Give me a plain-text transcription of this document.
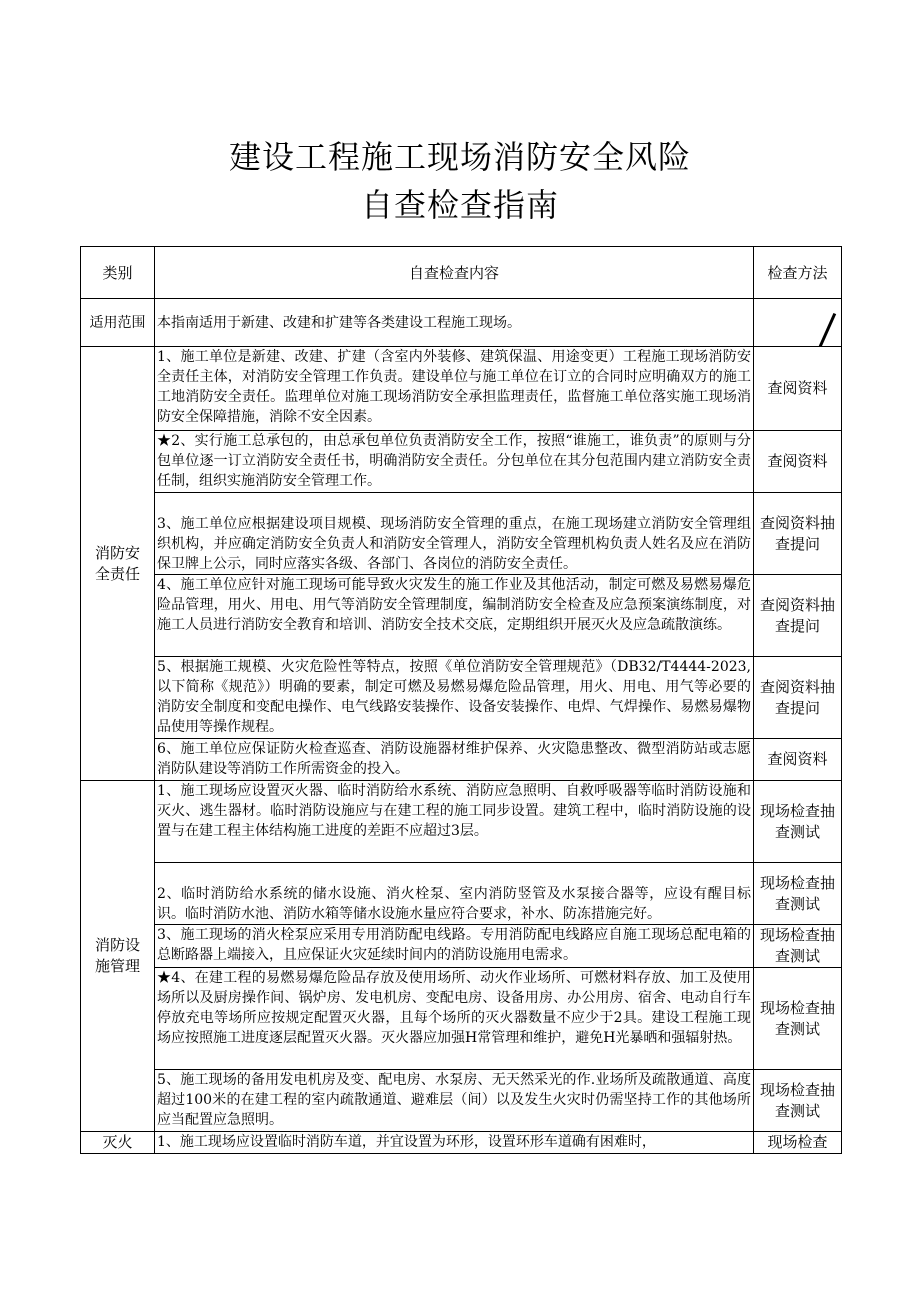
建设工程施工现场消防安全风险
自查检查指南
类别	自查检查内容	检查方法
适用范围	本指南适用于新建、改建和扩建等各类建设工程施工现场。	
消防安全责任	1、施工单位是新建、改建、扩建（含室内外装修、建筑保温、用途变更）工程施工现场消防安全责任主体，对消防安全管理工作负责。建设单位与施工单位在订立的合同时应明确双方的施工工地消防安全责任。监理单位对施工现场消防安全承担监理责任，监督施工单位落实施工现场消防安全保障措施，消除不安全因素。	查阅资料
	★2、实行施工总承包的，由总承包单位负责消防安全工作，按照“谁施工，谁负责”的原则与分包单位逐一订立消防安全责任书，明确消防安全责任。分包单位在其分包范围内建立消防安全责任制，组织实施消防安全管理工作。	查阅资料
	3、施工单位应根据建设项目规模、现场消防安全管理的重点，在施工现场建立消防安全管理组织机构，并应确定消防安全负责人和消防安全管理人，消防安全管理机构负责人姓名及应在消防保卫牌上公示，同时应落实各级、各部门、各岗位的消防安全责任。	查阅资料抽查提问
	4、施工单位应针对施工现场可能导致火灾发生的施工作业及其他活动，制定可燃及易燃易爆危险品管理，用火、用电、用气等消防安全管理制度，编制消防安全检查及应急预案演练制度，对施工人员进行消防安全教育和培训、消防安全技术交底，定期组织开展灭火及应急疏散演练。	查阅资料抽查提问
	5、根据施工规模、火灾危险性等特点，按照《单位消防安全管理规范》（DB32/T4444-2023,以下简称《规范》）明确的要素，制定可燃及易燃易爆危险品管理，用火、用电、用气等必要的消防安全制度和变配电操作、电气线路安装操作、设备安装操作、电焊、气焊操作、易燃易爆物品使用等操作规程。	查阅资料抽查提问
	6、施工单位应保证防火检查巡查、消防设施器材维护保养、火灾隐患整改、微型消防站或志愿消防队建设等消防工作所需资金的投入。	查阅资料
消防设施管理	1、施工现场应设置灭火器、临时消防给水系统、消防应急照明、自救呼吸器等临时消防设施和灭火、逃生器材。临时消防设施应与在建工程的施工同步设置。建筑工程中，临时消防设施的设置与在建工程主体结构施工进度的差距不应超过3层。	现场检查抽查测试
	2、临时消防给水系统的储水设施、消火栓泵、室内消防竖管及水泵接合器等，应设有醒目标识。临时消防水池、消防水箱等储水设施水量应符合要求，补水、防冻措施完好。	现场检查抽查测试
	3、施工现场的消火栓泵应采用专用消防配电线路。专用消防配电线路应自施工现场总配电箱的总断路器上端接入，且应保证火灾延续时间内的消防设施用电需求。	现场检查抽查测试
	★4、在建工程的易燃易爆危险品存放及使用场所、动火作业场所、可燃材料存放、加工及使用场所以及厨房操作间、锅炉房、发电机房、变配电房、设备用房、办公用房、宿舍、电动自行车停放充电等场所应按规定配置灭火器，且每个场所的灭火器数量不应少于2具。建设工程施工现场应按照施工进度逐层配置灭火器。灭火器应加强H常管理和维护，避免H光暴晒和强辐射热。	现场检查抽查测试
	5、施工现场的备用发电机房及变、配电房、水泵房、无天然采光的作.业场所及疏散通道、高度超过100米的在建工程的室内疏散通道、避难层（间）以及发生火灾时仍需坚持工作的其他场所应当配置应急照明。	现场检查抽查测试
灭火	1、施工现场应设置临时消防车道，并宜设置为环形，设置环形车道确有困难时，	现场检查
